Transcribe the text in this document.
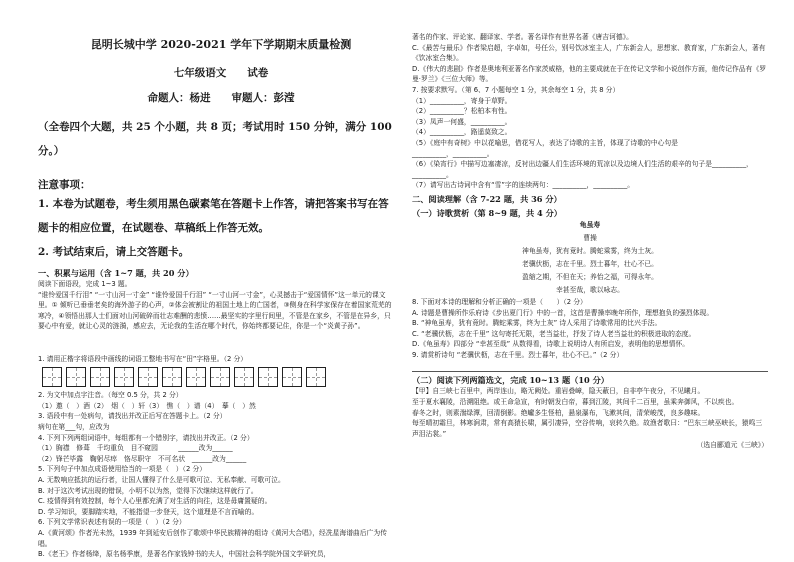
昆明长城中学 2020-2021 学年下学期期末质量检测
七年级语文　　试卷
命题人：杨进　　审题人：彭滢
（全卷四个大题，共 25 个小题，共 8 页；考试用时 150 分钟，满分 100 分。）
注意事项：
1. 本卷为试题卷，考生须用黑色碳素笔在答题卡上作答，请把答案书写在答题卡的相应位置，在试题卷、草稿纸上作答无效。
2. 考试结束后，请上交答题卡。
一、积累与运用（含 1~7 题，共 20 分）
阅读下面语段，完成 1~3 题。
“谁怜爱国千行泪” “一寸山河一寸金” “谁怜爱国千行泪” “一寸山河一寸金”，心灵撼击于“爱国情怀”这一单元的课文里。① 倾听已垂垂老矣的海外游子的心声，②体会被割让的祖国土地上的亡国者，③侧身在科学家保存在着国家荒芜的寒冷，④领悟出那人士们面对山河破碎而壮志难酬的悲愤……最坚实的字里行间里，不管是在家乡，不管是在异乡，只要心中有爱，就让心灵的涟漪，感应去，无论我的生活在哪个时代，你始终都要记住，你是一个“炎黄子孙”。
1. 请用正楷字将语段中画线的词语工整地书写在“田”字格里。（2 分）
2. 为文中加点字注音。（每空 0.5 分，共 2 分）
（1）邀（　）酒（2）　烟（　）轩（3）　憔（　）谱（4）　摹（　）然
3. 语段中有一处病句，请找出并改正后写在答题卡上。（2 分）
病句在第___句，应改为
4. 下列下列两组词语中，每组都有一个错别字，请找出并改正。（2 分）
（1）胸襟　修葺　千均重负　目不窥园　　　______改为______
（2）锋芒毕露　鞠躬尽瘁　恪尽职守　不可名状　______改为______
5. 下列句子中加点成语使用恰当的一项是（　）（2 分）
A. 无数响应抵抗的运行者，让国人懂得了什么是可歌可泣、无私奉献、可歌可泣。
B. 对于这次考试出现的错误，小明不以为然，觉得下次继续这样就行了。
C. 疫情得到有效控制，每个人心里都充满了对生活的向往，这是毋庸置疑的。
D. 学习知识，要脚踏实地，不能指望一步登天，这个道理是不言而喻的。
6. 下列文学常识表述有误的一项是（　）（2 分）
A.《黄河颂》作者光未然，1939 年到延安后创作了歌颂中华民族精神的组诗《黄河大合唱》，经冼星海谱曲后广为传唱。
B.《老王》作者杨绛，原名杨季康，是著名作家钱钟书的夫人，中国社会科学院外国文学研究员，
著名的作家、评论家、翻译家、学者。著名译作有世界名著《唐吉诃德》。
C.《最苦与最乐》作者梁启超，字卓如，号任公，别号饮冰室主人，广东新会人，思想家、教育家，广东新会人，著有《饮冰室合集》。
D.《伟大的悲剧》作者是奥地利亚著名作家茨威格，他的主要成就在于在传记文学和小说创作方面，他传记作品有《罗曼·罗兰》《三位大师》等。
7. 按要求默写。（第 6、7 小题每空 1 分，其余每空 1 分，共 8 分）
（1）__________，寄身于草野。
（2）__________？松柏本有性。
（3）凤声一何盛，__________。
（4）__________，路遥莫致之。
（5）《庭中有奇树》中以花喻思，借花写人，表达了诗歌的主旨，体现了诗歌的中心句是
__________，__________。
（6）《染宵行》中描写边塞凄凉，反衬出边疆人们生活环境的荒凉以及边境人们生活的艰辛的句子是__________，__________。
（7）请写出古诗词中含有“雪”字的连续两句：__________，__________。
二、阅读理解（含 7-22 题，共 36 分）
（一）诗歌赏析（第 8~9 题，共 4 分）
龟虽寿
曹操
神龟虽寿，犹有竟时。腾蛇乘雾，终为土灰。
老骥伏枥，志在千里。烈士暮年，壮心不已。
盈缩之期，不但在天；养怡之福，可得永年。
幸甚至哉，歌以咏志。
8. 下面对本诗的理解和分析正确的一项是（　　）（2 分）
A. 诗题是曹操所作乐府诗《步出夏门行》中的一首，这首是曹操率晚年所作，理想抱负的强烈体现。
B. “神龟虽寿，犹有竟时。腾蛇乘雾，终为土灰” 诗人采用了诗歌常用的比兴手法。
C. “老骥伏枥，志在千里” 这句寄托无限，老当益壮，抒发了诗人老当益壮的积极进取的态度。
D.《龟虽寿》四部分 “幸甚至哉” 从数得看，诗歌上说明诗人有所启发，表明他的思想情怀。
9. 请赏析诗句 “老骥伏枥，志在千里。烈士暮年，壮心不已。”（2 分）
（二）阅读下列两篇选文，完成 10~13 题（10 分）
【甲】自三峡七百里中，两岸连山，略无阙处。重岩叠嶂，隐天蔽日，自非亭午夜分，不见曦月。
至于夏水襄陵，沿溯阻绝。或王命急宣，有时朝发白帝，暮到江陵，其间千二百里，虽乘奔御风，不以疾也。
春冬之时，则素湍绿潭，回清倒影。绝巘多生怪柏，悬泉瀑布，飞漱其间，清荣峻茂，良多趣味。
每至晴初霜旦，林寒涧肃，常有高猿长啸，属引凄异，空谷传响，哀转久绝。故渔者歌曰：“巴东三峡巫峡长，猿鸣三声泪沾裳。”
（选自郦道元《三峡》）
